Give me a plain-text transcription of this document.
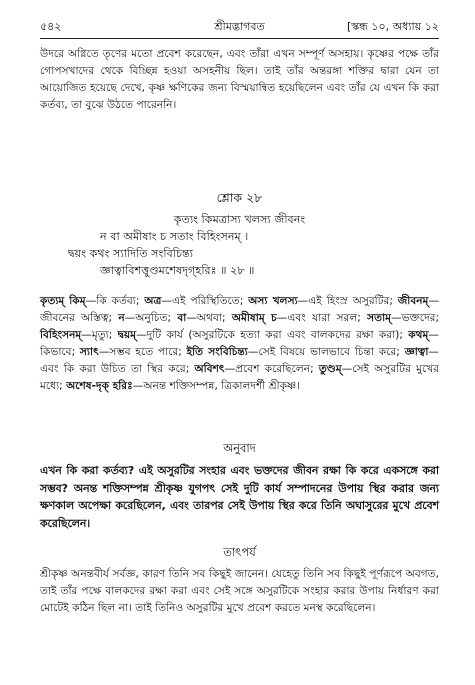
৫৪২	শ্রীমদ্ভাগবত	[স্কন্ধ ১০, অধ্যায় ১২
উদরে অগ্নিতে তৃণের মতো প্রবেশ করেছেন, এবং তাঁরা এখন সম্পূর্ণ অসহায়। কৃষ্ণের পক্ষে তাঁর গোপসখাদের থেকে বিচ্ছিন্ন হওয়া অসহনীয় ছিল। তাই তাঁর অন্তরঙ্গা শক্তির দ্বারা যেন তা আয়োজিত হয়েছে দেখে, কৃষ্ণ ক্ষণিকের জন্য বিস্ময়ান্বিত হয়েছিলেন এবং তাঁর যে এখন কি করা কর্তব্য, তা বুঝে উঠতে পারেননি।
শ্লোক ২৮
কৃত্যং কিমত্রাস্য খলস্য জীবনং
ন বা অমীষাং চ সতাং বিহিংসনম্ ।
দ্বয়ং কথং স্যাদিতি সংবিচিন্ত্য
জ্ঞাত্বাবিশত্তুণ্ডমশেষদৃগ্‌হরিঃ ॥ ২৮ ॥
কৃত্যম্ কিম্—কি কর্তব্য; অত্র—এই পরিস্থিতিতে; অস্য খলস্য—এই হিংস্র অসুরটির; জীবনম্—জীবনের অস্তিত্ব; ন—অনুচিত; বা—অথবা; অমীষাম্ চ—এবং যারা সরল; সতাম্—ভক্তদের; বিহিংসনম্—মৃত্যু; দ্বয়ম্—দুটি কার্য (অসুরটিকে হত্যা করা এবং বালকদের রক্ষা করা); কথম্—কিভাবে; স্যাৎ—সম্ভব হতে পারে; ইতি সংবিচিন্ত্য—সেই বিষয়ে ভালভাবে চিন্তা করে; জ্ঞাত্বা—এবং কি করা উচিত তা স্থির করে; অবিশৎ—প্রবেশ করেছিলেন; তুণ্ডম্—সেই অসুরটির মুখের মধ্যে; অশেষ-দৃক্ হরিঃ—অনন্ত শক্তিসম্পন্ন, ত্রিকালদর্শী শ্রীকৃষ্ণ।
অনুবাদ
এখন কি করা কর্তব্য? এই অসুরটির সংহার এবং ভক্তদের জীবন রক্ষা কি করে একসঙ্গে করা সম্ভব? অনন্ত শক্তিসম্পন্ন শ্রীকৃষ্ণ যুগপৎ সেই দুটি কার্য সম্পাদনের উপায় স্থির করার জন্য ক্ষণকাল অপেক্ষা করেছিলেন, এবং তারপর সেই উপায় স্থির করে তিনি অঘাসুরের মুখে প্রবেশ করেছিলেন।
তাৎপর্য
শ্রীকৃষ্ণ অনন্তবীর্য সর্বজ্ঞ, কারণ তিনি সব কিছুই জানেন। যেহেতু তিনি সব কিছুই পূর্ণরূপে অবগত, তাই তাঁর পক্ষে বালকদের রক্ষা করা এবং সেই সঙ্গে অসুরটিকে সংহার করার উপায় নির্ধারণ করা মোটেই কঠিন ছিল না। তাই তিনিও অসুরটির মুখে প্রবেশ করতে মনস্থ করেছিলেন।
